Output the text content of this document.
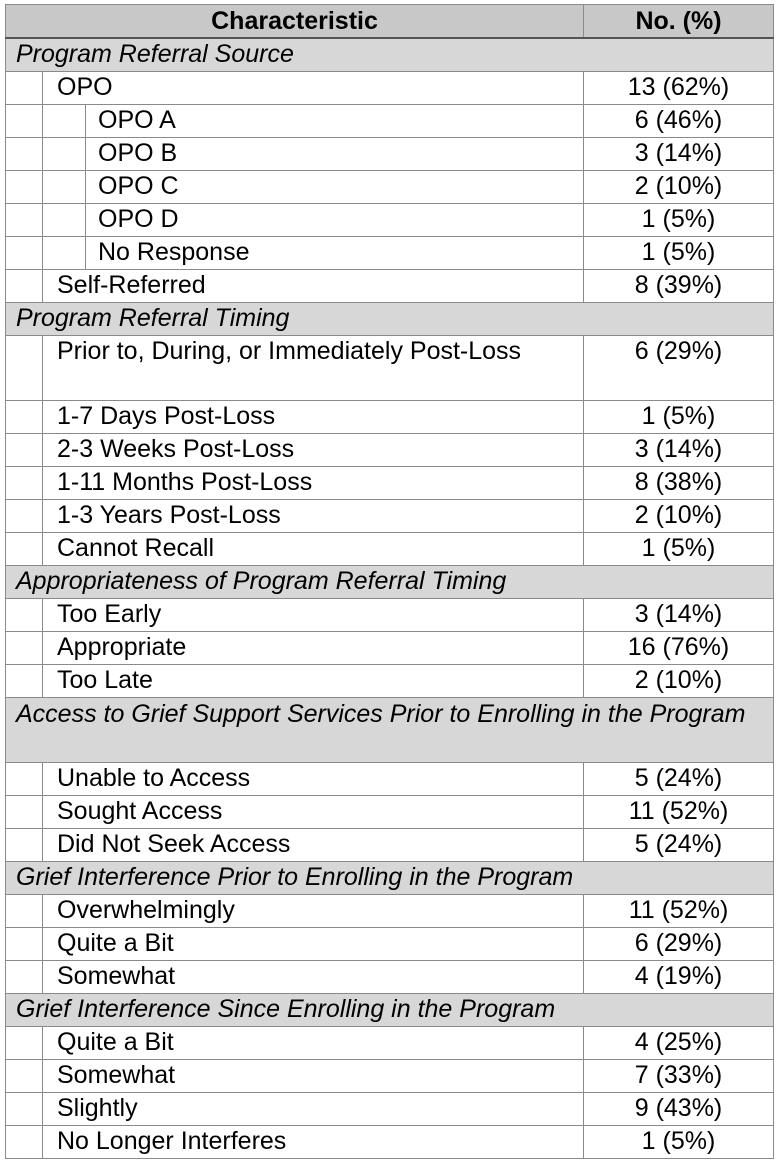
Characteristic			No. (%)
Program Referral Source			
	OPO		13 (62%)
		OPO A	6 (46%)
		OPO B	3 (14%)
		OPO C	2 (10%)
		OPO D	1 (5%)
		No Response	1 (5%)
	Self-Referred		8 (39%)
Program Referral Timing			
	Prior to, During, or Immediately Post-Loss		6 (29%)
	1-7 Days Post-Loss		1 (5%)
	2-3 Weeks Post-Loss		3 (14%)
	1-11 Months Post-Loss		8 (38%)
	1-3 Years Post-Loss		2 (10%)
	Cannot Recall		1 (5%)
Appropriateness of Program Referral Timing			
	Too Early		3 (14%)
	Appropriate		16 (76%)
	Too Late		2 (10%)
Access to Grief Support Services Prior to Enrolling in the Program			
	Unable to Access		5 (24%)
	Sought Access		11 (52%)
	Did Not Seek Access		5 (24%)
Grief Interference Prior to Enrolling in the Program			
	Overwhelmingly		11 (52%)
	Quite a Bit		6 (29%)
	Somewhat		4 (19%)
Grief Interference Since Enrolling in the Program			
	Quite a Bit		4 (25%)
	Somewhat		7 (33%)
	Slightly		9 (43%)
	No Longer Interferes		1 (5%)
